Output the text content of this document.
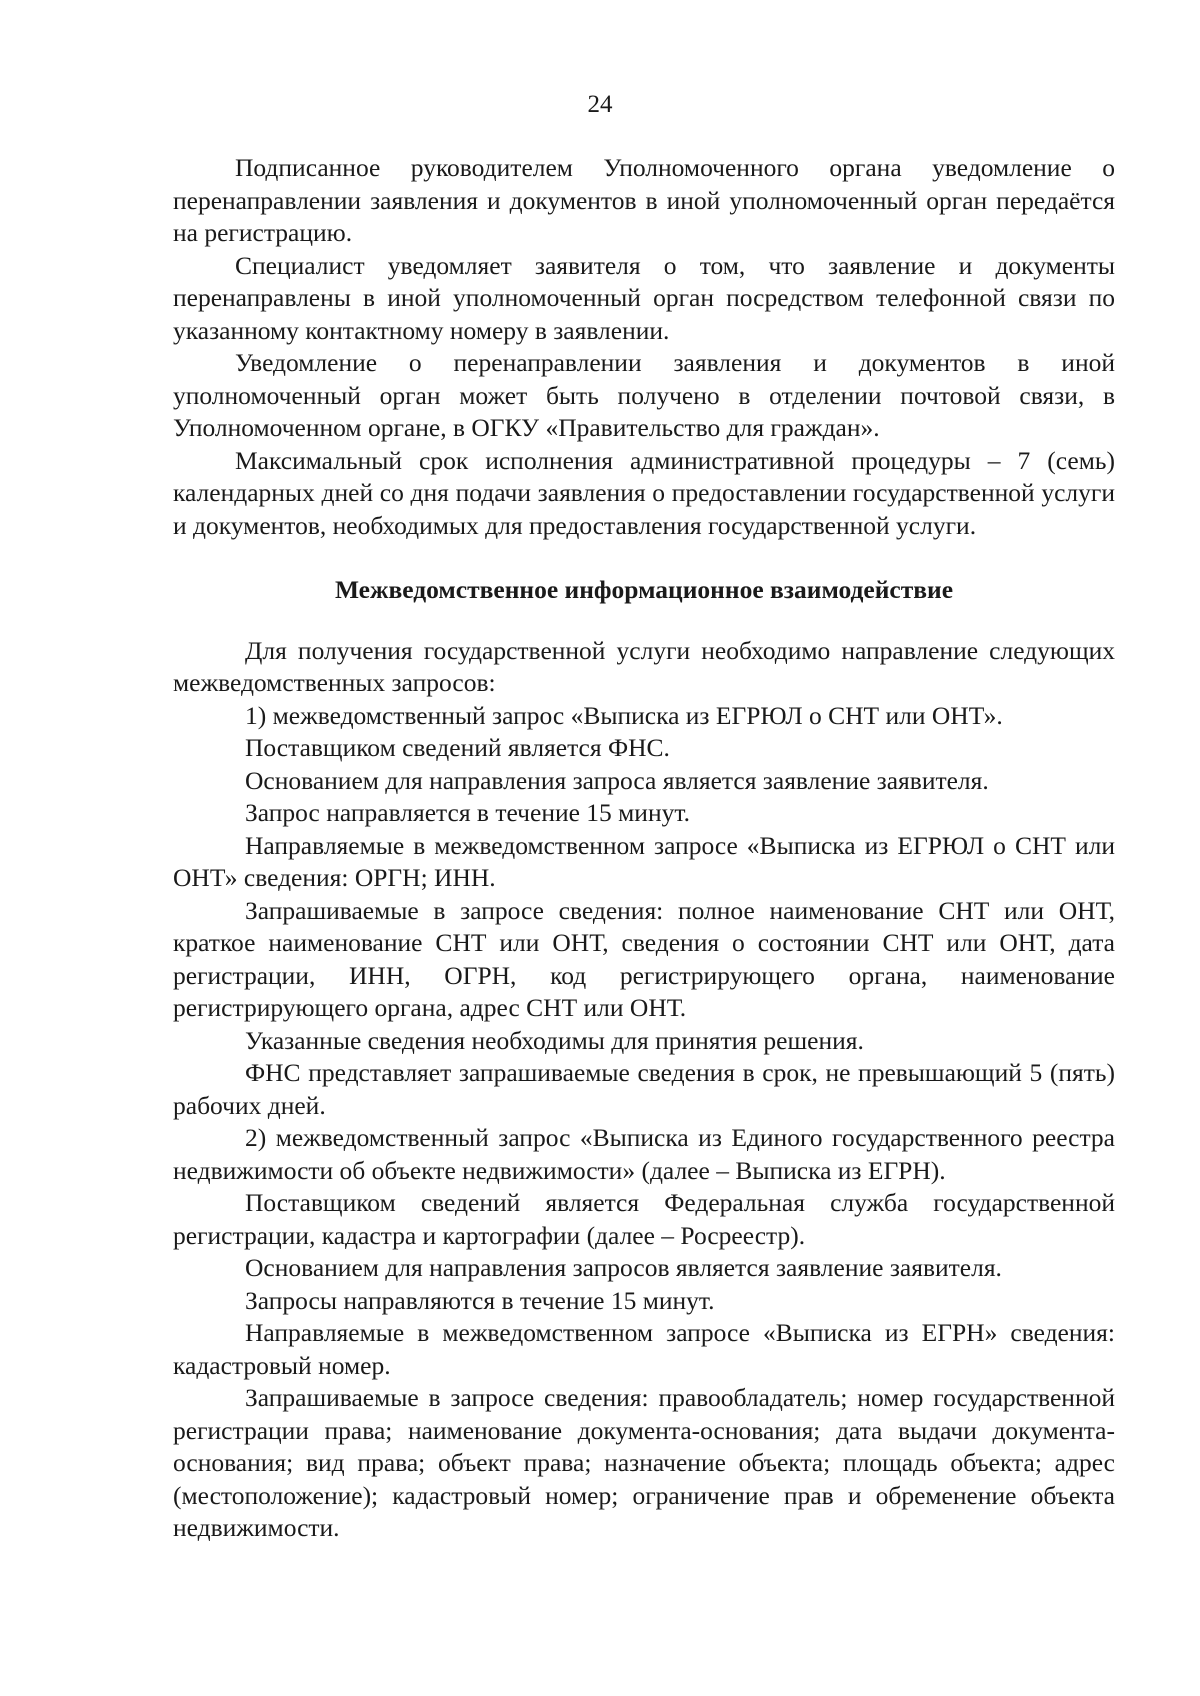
24

Подписанное руководителем Уполномоченного органа уведомление о перенаправлении заявления и документов в иной уполномоченный орган передаётся на регистрацию.

Специалист уведомляет заявителя о том, что заявление и документы перенаправлены в иной уполномоченный орган посредством телефонной связи по указанному контактному номеру в заявлении.

Уведомление о перенаправлении заявления и документов в иной уполномоченный орган может быть получено в отделении почтовой связи, в Уполномоченном органе, в ОГКУ «Правительство для граждан».

Максимальный срок исполнения административной процедуры – 7 (семь) календарных дней со дня подачи заявления о предоставлении государственной услуги и документов, необходимых для предоставления государственной услуги.

Межведомственное информационное взаимодействие

Для получения государственной услуги необходимо направление следующих межведомственных запросов:

1) межведомственный запрос «Выписка из ЕГРЮЛ о СНТ или ОНТ».

Поставщиком сведений является ФНС.

Основанием для направления запроса является заявление заявителя.

Запрос направляется в течение 15 минут.

Направляемые в межведомственном запросе «Выписка из ЕГРЮЛ о СНТ или ОНТ» сведения: ОРГН; ИНН.

Запрашиваемые в запросе сведения: полное наименование СНТ или ОНТ, краткое наименование СНТ или ОНТ, сведения о состоянии СНТ или ОНТ, дата регистрации, ИНН, ОГРН, код регистрирующего органа, наименование регистрирующего органа, адрес СНТ или ОНТ.

Указанные сведения необходимы для принятия решения.

ФНС представляет запрашиваемые сведения в срок, не превышающий 5 (пять) рабочих дней.

2) межведомственный запрос «Выписка из Единого государственного реестра недвижимости об объекте недвижимости» (далее – Выписка из ЕГРН).

Поставщиком сведений является Федеральная служба государственной регистрации, кадастра и картографии (далее – Росреестр).

Основанием для направления запросов является заявление заявителя.

Запросы направляются в течение 15 минут.

Направляемые в межведомственном запросе «Выписка из ЕГРН» сведения: кадастровый номер.

Запрашиваемые в запросе сведения: правообладатель; номер государственной регистрации права; наименование документа-основания; дата выдачи документа-основания; вид права; объект права; назначение объекта; площадь объекта; адрес (местоположение); кадастровый номер; ограничение прав и обременение объекта недвижимости.
